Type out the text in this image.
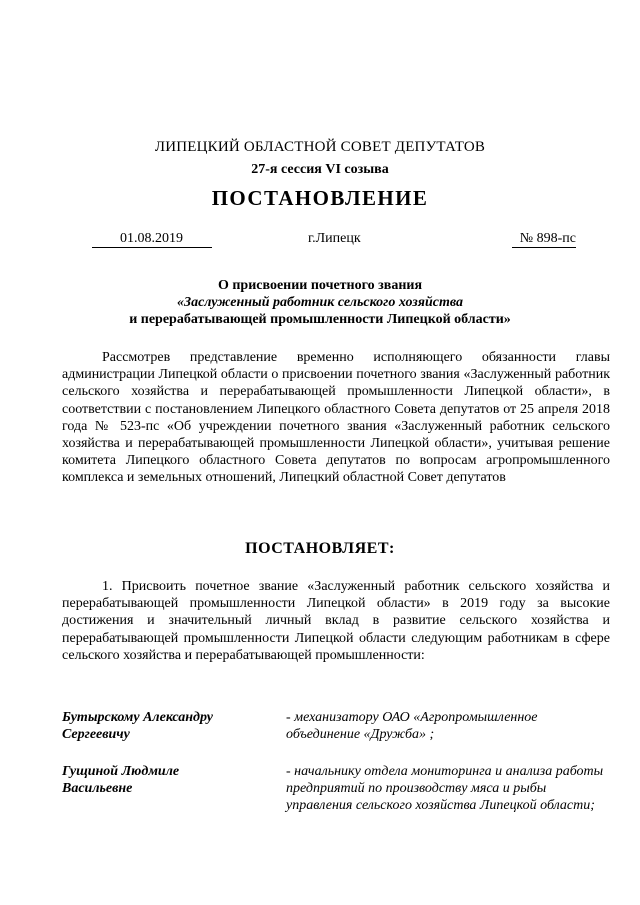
ЛИПЕЦКИЙ ОБЛАСТНОЙ СОВЕТ ДЕПУТАТОВ
27-я сессия VI созыва
ПОСТАНОВЛЕНИЕ
01.08.2019	г.Липецк	№ 898-пс
О присвоении почетного звания
«Заслуженный работник сельского хозяйства
и перерабатывающей промышленности Липецкой области»
Рассмотрев представление временно исполняющего обязанности главы администрации Липецкой области о присвоении почетного звания «Заслуженный работник сельского хозяйства и перерабатывающей промышленности Липецкой области», в соответствии с постановлением Липецкого областного Совета депутатов от 25 апреля 2018 года № 523-пс «Об учреждении почетного звания «Заслуженный работник сельского хозяйства и перерабатывающей промышленности Липецкой области», учитывая решение комитета Липецкого областного Совета депутатов по вопросам агропромышленного комплекса и земельных отношений, Липецкий областной Совет депутатов
ПОСТАНОВЛЯЕТ:
1. Присвоить почетное звание «Заслуженный работник сельского хозяйства и перерабатывающей промышленности Липецкой области» в 2019 году за высокие достижения и значительный личный вклад в развитие сельского хозяйства и перерабатывающей промышленности Липецкой области следующим работникам в сфере сельского хозяйства и перерабатывающей промышленности:
Бутырскому Александру
Сергеевичу
- механизатору ОАО «Агропромышленное объединение «Дружба» ;
Гущиной Людмиле
Васильевне
- начальнику отдела мониторинга и анализа работы предприятий по производству мяса и рыбы управления сельского хозяйства Липецкой области;
